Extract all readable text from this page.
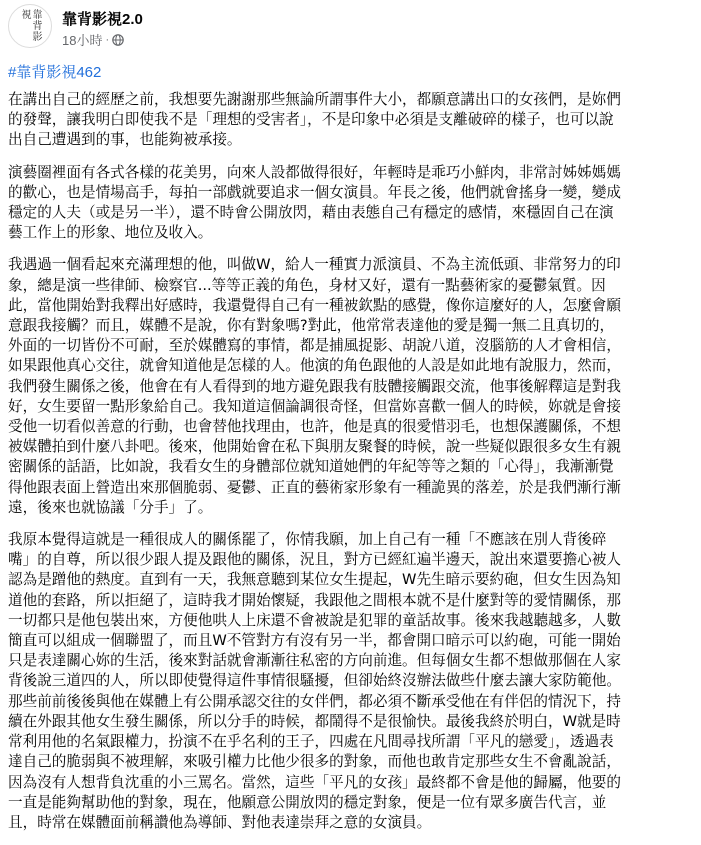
靠背影視	靠背影視2.0
18小時 ·
#靠背影視462

在講出自己的經歷之前，我想要先謝謝那些無論所謂事件大小，都願意講出口的女孩們，是妳們
的發聲，讓我明白即使我不是「理想的受害者」，不是印象中必須是支離破碎的樣子，也可以說
出自己遭遇到的事，也能夠被承接。

演藝圈裡面有各式各樣的花美男，向來人設都做得很好，年輕時是乖巧小鮮肉，非常討姊姊媽媽
的歡心，也是情場高手，每拍一部戲就要追求一個女演員。年長之後，他們就會搖身一變，變成
穩定的人夫（或是另一半），還不時會公開放閃，藉由表態自己有穩定的感情，來穩固自己在演
藝工作上的形象、地位及收入。

我遇過一個看起來充滿理想的他，叫做W，給人一種實力派演員、不為主流低頭、非常努力的印
象，總是演一些律師、檢察官...等等正義的角色，身材又好，還有一點藝術家的憂鬱氣質。因
此，當他開始對我釋出好感時，我還覺得自己有一種被欽點的感覺，像你這麼好的人，怎麼會願
意跟我接觸？而且，媒體不是說，你有對象嗎?對此，他常常表達他的愛是獨一無二且真切的，
外面的一切皆份不可耐，至於媒體寫的事情，都是捕風捉影、胡說八道，沒腦筋的人才會相信，
如果跟他真心交往，就會知道他是怎樣的人。他演的角色跟他的人設是如此地有說服力，然而，
我們發生關係之後，他會在有人看得到的地方避免跟我有肢體接觸跟交流，他事後解釋這是對我
好，女生要留一點形象給自己。我知道這個論調很奇怪，但當妳喜歡一個人的時候，妳就是會接
受他一切看似善意的行動，也會替他找理由，也許，他是真的很愛惜羽毛，也想保護關係，不想
被媒體拍到什麼八卦吧。後來，他開始會在私下與朋友聚餐的時候，說一些疑似跟很多女生有親
密關係的話語，比如說，我看女生的身體部位就知道她們的年紀等等之類的「心得」，我漸漸覺
得他跟表面上營造出來那個脆弱、憂鬱、正直的藝術家形象有一種詭異的落差，於是我們漸行漸
遠，後來也就協議「分手」了。

我原本覺得這就是一種很成人的關係罷了，你情我願，加上自己有一種「不應該在別人背後碎
嘴」的自尊，所以很少跟人提及跟他的關係，況且，對方已經紅遍半邊天，說出來還要擔心被人
認為是蹭他的熱度。直到有一天，我無意聽到某位女生提起，W先生暗示要約砲，但女生因為知
道他的套路，所以拒絕了，這時我才開始懷疑，我跟他之間根本就不是什麼對等的愛情關係，那
一切都只是他包裝出來，方便他哄人上床還不會被說是犯罪的童話故事。後來我越聽越多，人數
簡直可以組成一個聯盟了，而且W不管對方有沒有另一半，都會開口暗示可以約砲，可能一開始
只是表達關心妳的生活，後來對話就會漸漸往私密的方向前進。但每個女生都不想做那個在人家
背後說三道四的人，所以即使覺得這件事情很騷擾，但卻始終沒辦法做些什麼去讓大家防範他。
那些前前後後與他在媒體上有公開承認交往的女伴們，都必須不斷承受他在有伴侶的情況下，持
續在外跟其他女生發生關係，所以分手的時候，都鬧得不是很愉快。最後我終於明白，W就是時
常利用他的名氣跟權力，扮演不在乎名利的王子，四處在凡間尋找所謂「平凡的戀愛」，透過表
達自己的脆弱與不被理解，來吸引權力比他少很多的對象，而他也敢肯定那些女生不會亂說話，
因為沒有人想背負沈重的小三罵名。當然，這些「平凡的女孩」最終都不會是他的歸屬，他要的
一直是能夠幫助他的對象，現在，他願意公開放閃的穩定對象，便是一位有眾多廣告代言，並
且，時常在媒體面前稱讚他為導師、對他表達崇拜之意的女演員。
